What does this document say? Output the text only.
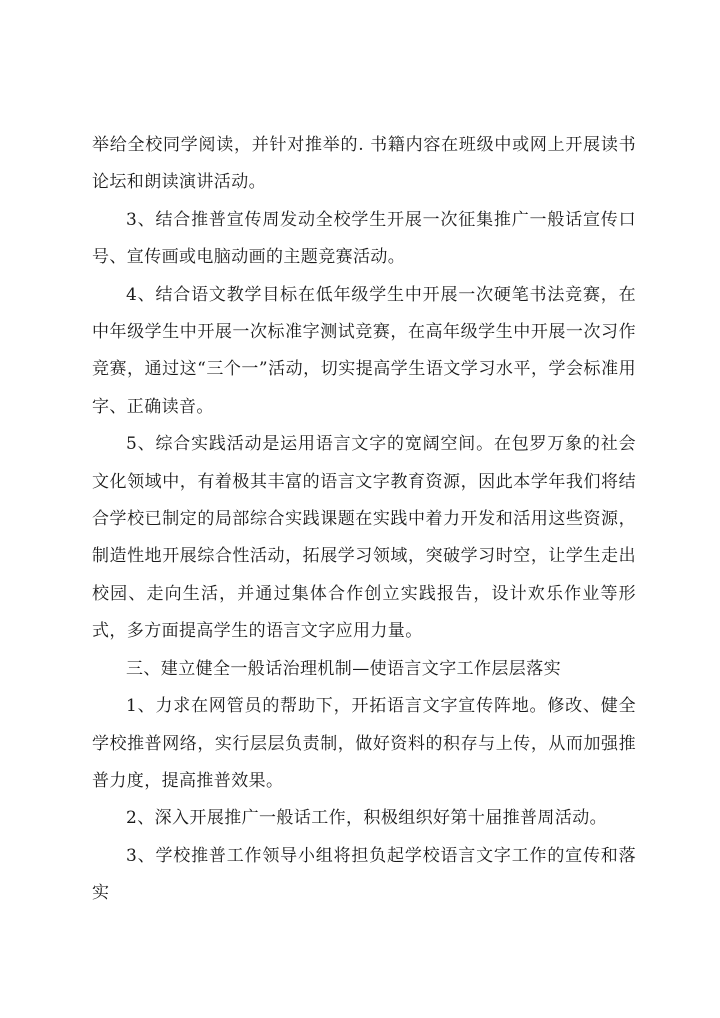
举给全校同学阅读，并针对推举的. 书籍内容在班级中或网上开展读书论坛和朗读演讲活动。

3、结合推普宣传周发动全校学生开展一次征集推广一般话宣传口号、宣传画或电脑动画的主题竞赛活动。

4、结合语文教学目标在低年级学生中开展一次硬笔书法竞赛，在中年级学生中开展一次标准字测试竞赛，在高年级学生中开展一次习作竞赛，通过这“三个一”活动，切实提高学生语文学习水平，学会标准用字、正确读音。

5、综合实践活动是运用语言文字的宽阔空间。在包罗万象的社会文化领域中，有着极其丰富的语言文字教育资源，因此本学年我们将结合学校已制定的局部综合实践课题在实践中着力开发和活用这些资源，制造性地开展综合性活动，拓展学习领域，突破学习时空，让学生走出校园、走向生活，并通过集体合作创立实践报告，设计欢乐作业等形式，多方面提高学生的语言文字应用力量。

三、建立健全一般话治理机制—使语言文字工作层层落实

1、力求在网管员的帮助下，开拓语言文字宣传阵地。修改、健全学校推普网络，实行层层负责制，做好资料的积存与上传，从而加强推普力度，提高推普效果。

2、深入开展推广一般话工作，积极组织好第十届推普周活动。

3、学校推普工作领导小组将担负起学校语言文字工作的宣传和落实
